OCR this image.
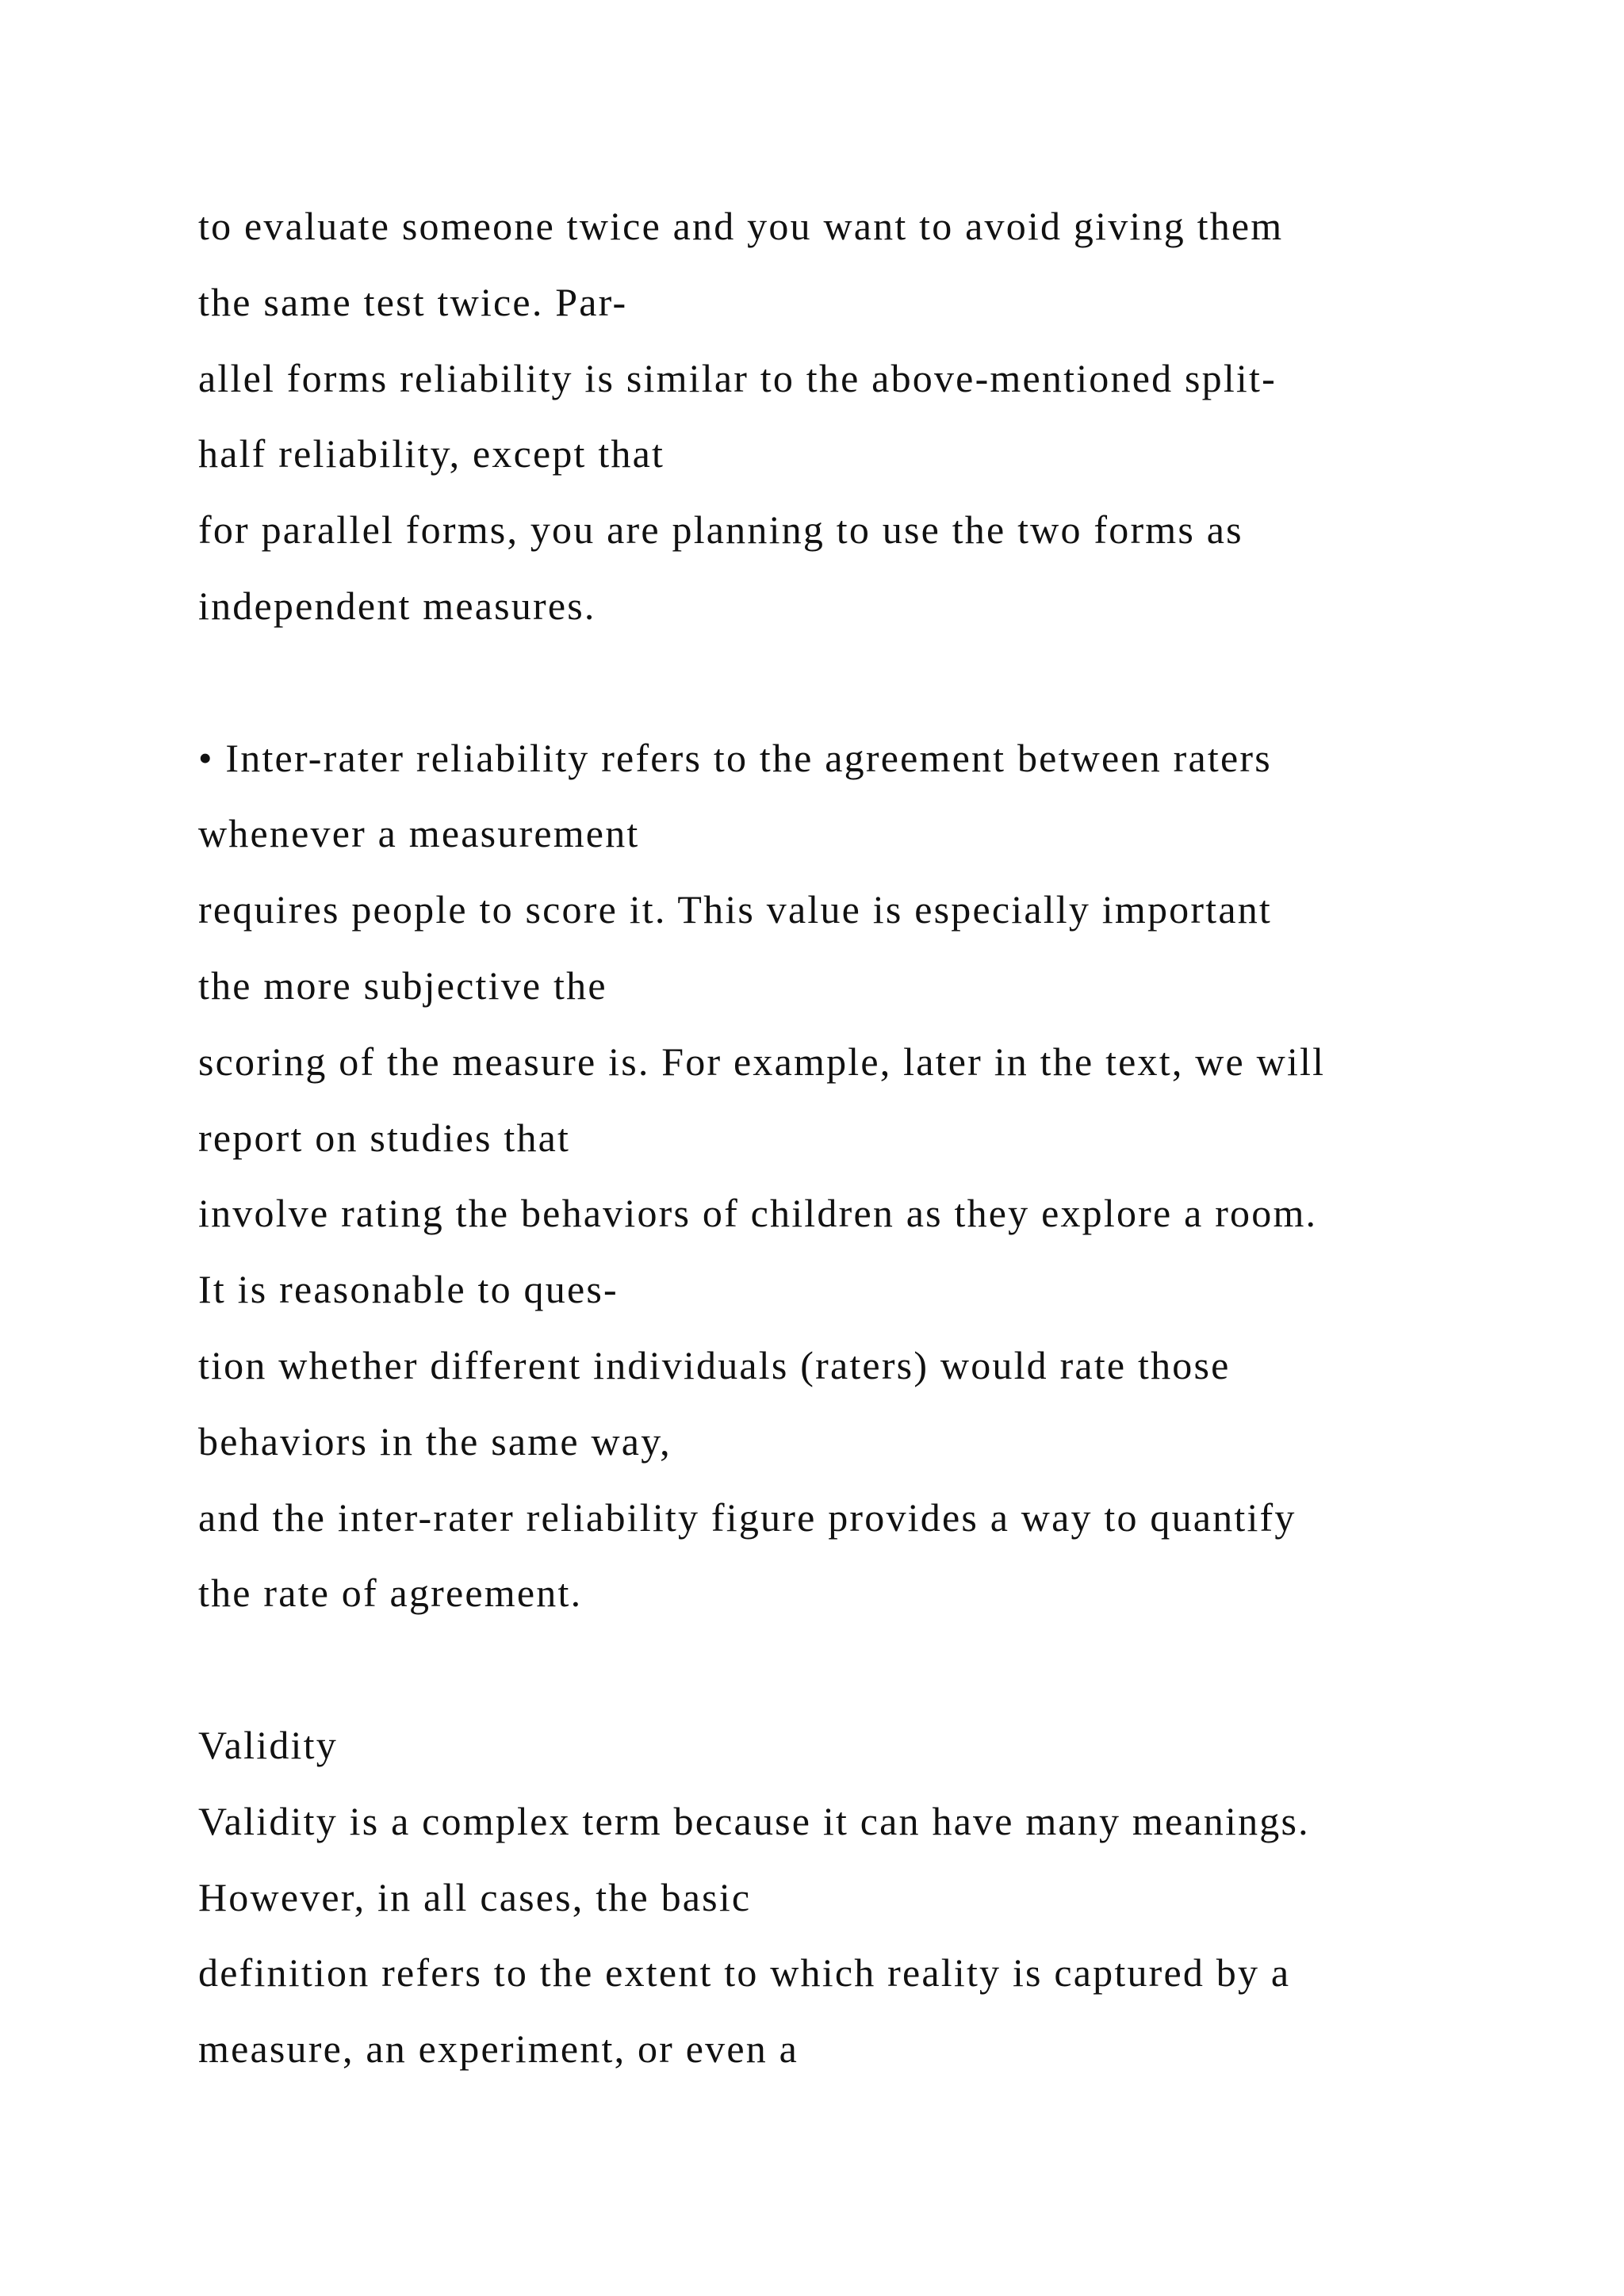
to evaluate someone twice and you want to avoid giving them
the same test twice. Par-
allel forms reliability is similar to the above-mentioned split-
half reliability, except that
for parallel forms, you are planning to use the two forms as
independent measures.
• Inter-rater reliability refers to the agreement between raters
whenever a measurement
requires people to score it. This value is especially important
the more subjective the
scoring of the measure is. For example, later in the text, we will
report on studies that
involve rating the behaviors of children as they explore a room.
It is reasonable to ques-
tion whether different individuals (raters) would rate those
behaviors in the same way,
and the inter-rater reliability figure provides a way to quantify
the rate of agreement.
Validity
Validity is a complex term because it can have many meanings.
However, in all cases, the basic
definition refers to the extent to which reality is captured by a
measure, an experiment, or even a
